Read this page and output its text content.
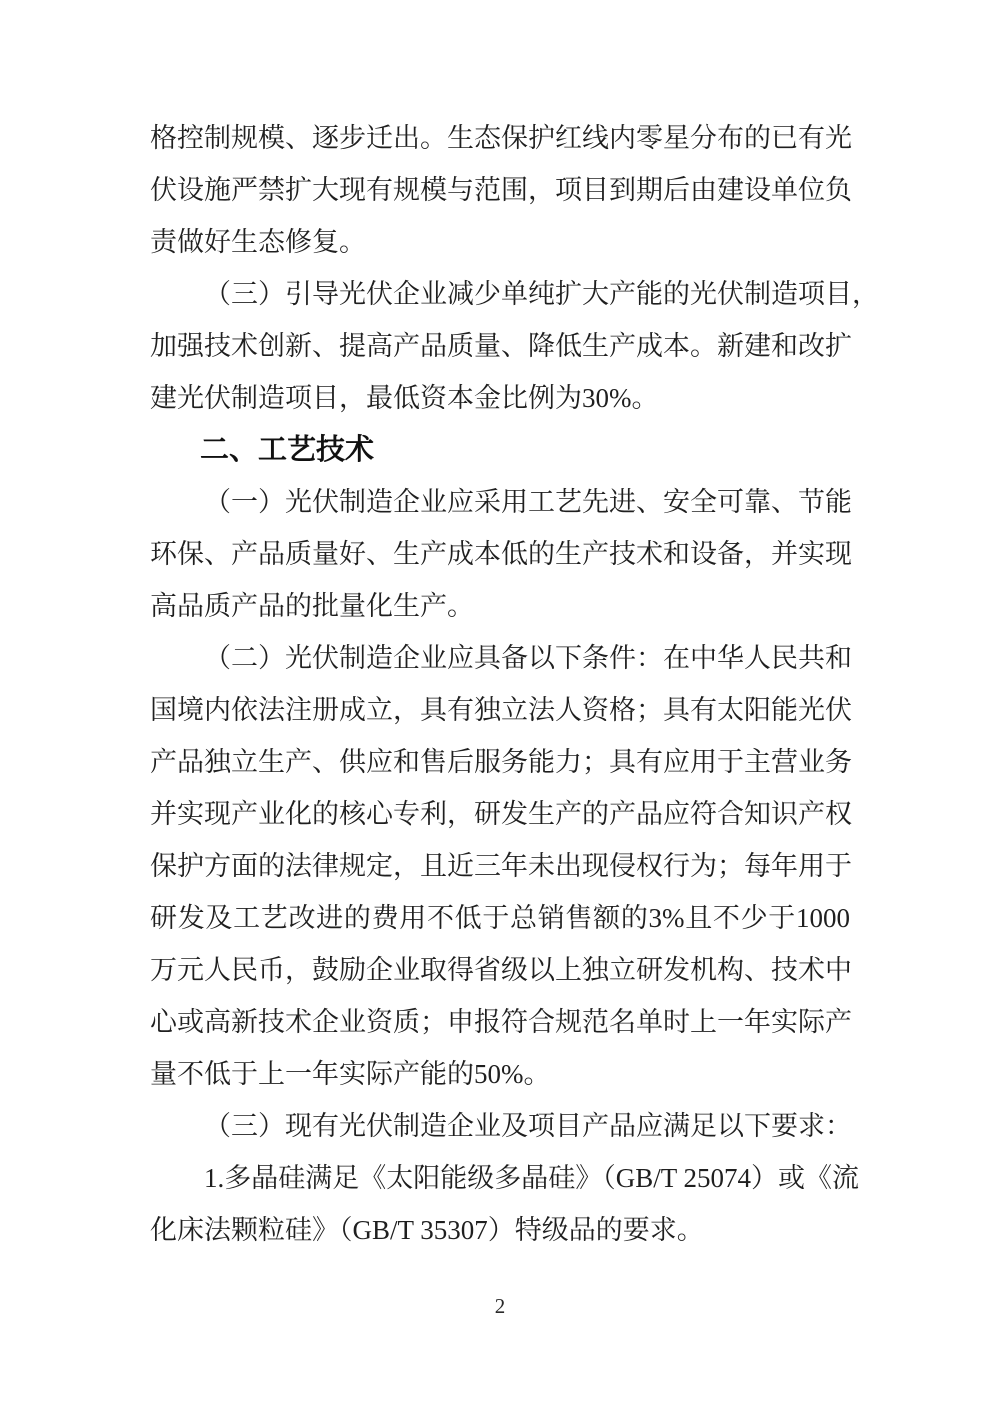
格控制规模、逐步迁出。生态保护红线内零星分布的已有光
伏设施严禁扩大现有规模与范围，项目到期后由建设单位负
责做好生态修复。

（三）引导光伏企业减少单纯扩大产能的光伏制造项目，
加强技术创新、提高产品质量、降低生产成本。新建和改扩
建光伏制造项目，最低资本金比例为30%。

二、工艺技术

（一）光伏制造企业应采用工艺先进、安全可靠、节能
环保、产品质量好、生产成本低的生产技术和设备，并实现
高品质产品的批量化生产。

（二）光伏制造企业应具备以下条件：在中华人民共和
国境内依法注册成立，具有独立法人资格；具有太阳能光伏
产品独立生产、供应和售后服务能力；具有应用于主营业务
并实现产业化的核心专利，研发生产的产品应符合知识产权
保护方面的法律规定，且近三年未出现侵权行为；每年用于
研发及工艺改进的费用不低于总销售额的3%且不少于1000
万元人民币，鼓励企业取得省级以上独立研发机构、技术中
心或高新技术企业资质；申报符合规范名单时上一年实际产
量不低于上一年实际产能的50%。

（三）现有光伏制造企业及项目产品应满足以下要求：

1.多晶硅满足《太阳能级多晶硅》（GB/T 25074）或《流
化床法颗粒硅》（GB/T 35307）特级品的要求。

2
